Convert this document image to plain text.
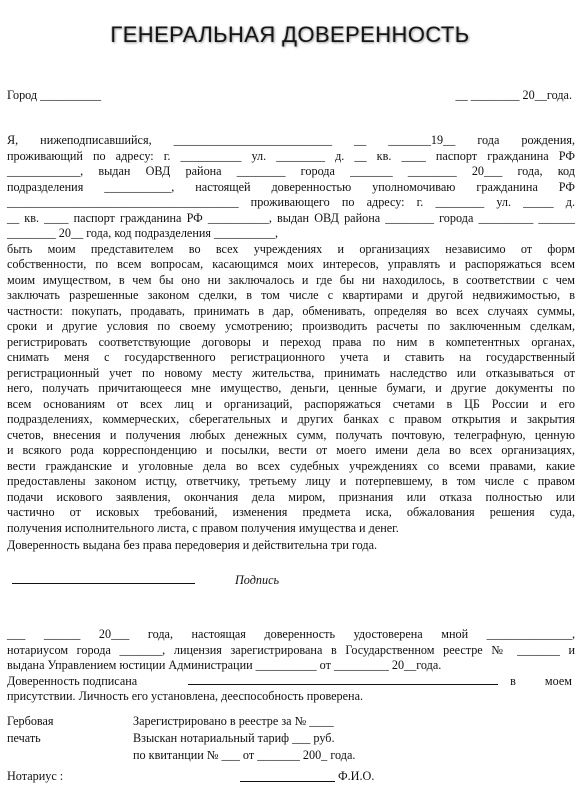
ГЕНЕРАЛЬНАЯ ДОВЕРЕННОСТЬ
Город __________	__ ________ 20__года.
Я, нижеподписавшийся, __________________________ __ _______19__ года рождения,
проживающий по адресу: г. __________ ул. ________ д. __ кв. ____ паспорт гражданина РФ
____________, выдан ОВД района ________ города _______ ________ 20___ года, код
подразделения ___________, настоящей доверенностью уполномочиваю гражданина РФ
______________________________________ проживающего по адресу: г. ________ ул. _____ д.
__ кв. ____ паспорт гражданина РФ __________, выдан ОВД района ________ города _________ ______
________ 20__ года, код подразделения __________,
быть моим представителем во всех учреждениях и организациях независимо от форм
собственности, по всем вопросам, касающимся моих интересов, управлять и распоряжаться всем
моим имуществом, в чем бы оно ни заключалось и где бы ни находилось, в соответствии с чем
заключать разрешенные законом сделки, в том числе с квартирами и другой недвижимостью, в
частности: покупать, продавать, принимать в дар, обменивать, определяя во всех случаях суммы,
сроки и другие условия по своему усмотрению; производить расчеты по заключенным сделкам,
регистрировать соответствующие договоры и переход права по ним в компетентных органах,
снимать меня с государственного регистрационного учета и ставить на государственный
регистрационный учет по новому месту жительства, принимать наследство или отказываться от
него, получать причитающееся мне имущество, деньги, ценные бумаги, и другие документы по
всем основаниям от всех лиц и организаций, распоряжаться счетами в ЦБ России и его
подразделениях, коммерческих, сберегательных и других банках с правом открытия и закрытия
счетов, внесения и получения любых денежных сумм, получать почтовую, телеграфную, ценную
и всякого рода корреспонденцию и посылки, вести от моего имени дела во всех организациях,
вести гражданские и уголовные дела во всех судебных учреждениях со всеми правами, какие
предоставлены законом истцу, ответчику, третьему лицу и потерпевшему, в том числе с правом
подачи искового заявления, окончания дела миром, признания или отказа полностью или
частично от исковых требований, изменения предмета иска, обжалования решения суда,
получения исполнительного листа, с правом получения имущества и денег.
Доверенность выдана без права передоверия и действительна три года.
Подпись
___ ______ 20___ года, настоящая доверенность удостоверена мной ______________,
нотариусом города _______, лицензия зарегистрирована в Государственном реестре № _______ и
выдана Управлением юстиции Администрации __________ от _________ 20__года.
Доверенность подписана	в моем
присутствии. Личность его установлена, дееспособность проверена.
Гербовая
печать
Зарегистрировано в реестре за № ____
Взыскан нотариальный тариф ___ руб.
по квитанции № ___ от _______ 200_ года.
Нотариус :	Ф.И.О.
